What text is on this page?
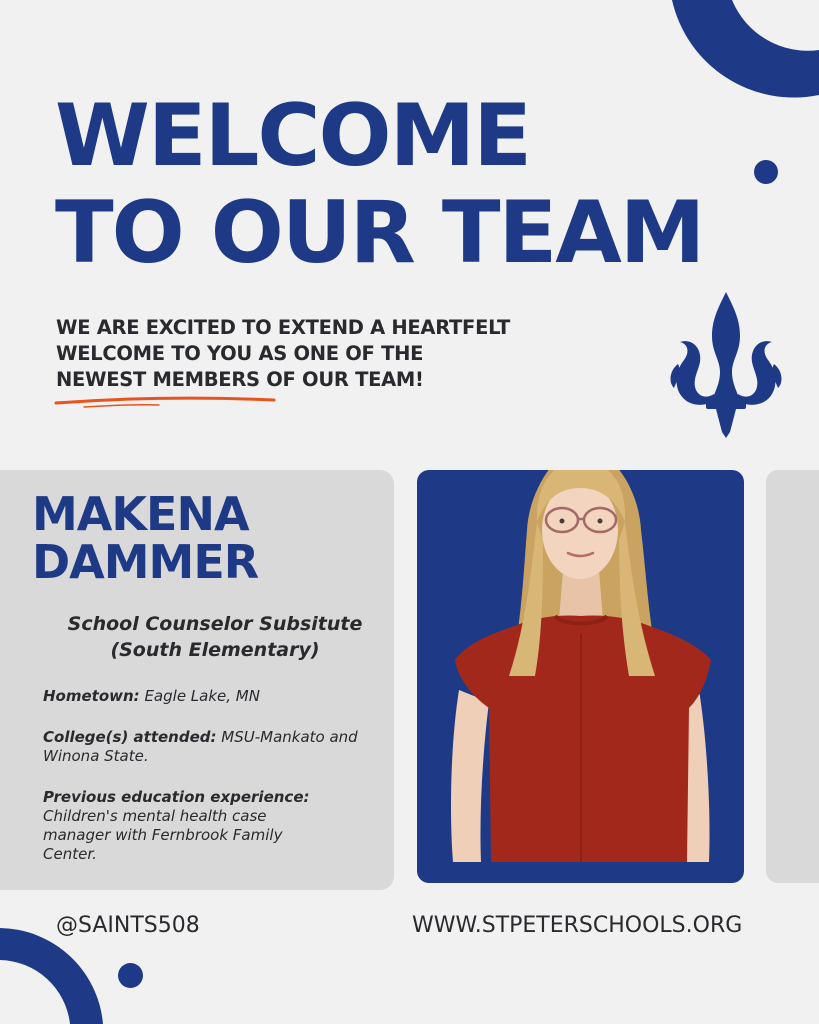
WELCOME
TO OUR TEAM

WE ARE EXCITED TO EXTEND A HEARTFELT
WELCOME TO YOU AS ONE OF THE
NEWEST MEMBERS OF OUR TEAM!

MAKENA
DAMMER
School Counselor Subsitute
(South Elementary)
Hometown: Eagle Lake, MN
College(s) attended: MSU-Mankato and Winona State.
Previous education experience:
Children's mental health case manager with Fernbrook Family Center.
@SAINTS508	WWW.STPETERSCHOOLS.ORG
